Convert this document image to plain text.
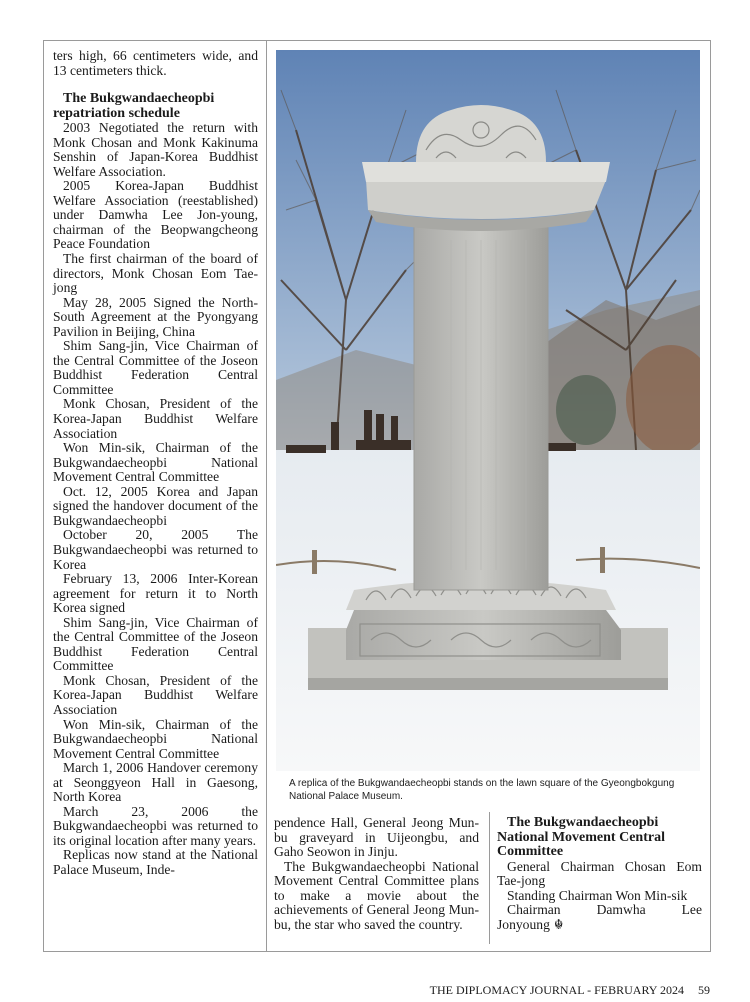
ters high, 66 centimeters wide, and 13 centimeters thick.

The Bukgwandaecheopbi repatriation schedule

2003 Negotiated the return with Monk Chosan and Monk Kakinuma Senshin of Japan-Korea Buddhist Welfare Association.

2005 Korea-Japan Buddhist Welfare Association (reestablished) under Damwha Lee Jon-young, chairman of the Beopwangcheong Peace Foundation

The first chairman of the board of directors, Monk Chosan Eom Tae-jong

May 28, 2005 Signed the North-South Agreement at the Pyongyang Pavilion in Beijing, China

Shim Sang-jin, Vice Chairman of the Central Committee of the Joseon Buddhist Federation Central Committee

Monk Chosan, President of the Korea-Japan Buddhist Welfare Association

Won Min-sik, Chairman of the Bukgwandaecheopbi National Movement Central Committee

Oct. 12, 2005 Korea and Japan signed the handover document of the Bukgwandaecheopbi

October 20, 2005 The Bukgwandaecheopbi was returned to Korea

February 13, 2006 Inter-Korean agreement for return it to North Korea signed

Shim Sang-jin, Vice Chairman of the Central Committee of the Joseon Buddhist Federation Central Committee

Monk Chosan, President of the Korea-Japan Buddhist Welfare Association

Won Min-sik, Chairman of the Bukgwandaecheopbi National Movement Central Committee

March 1, 2006 Handover ceremony at Seonggyeon Hall in Gaesong, North Korea

March 23, 2006 the Bukgwandaecheopbi was returned to its original location after many years.

Replicas now stand at the National Palace Museum, Inde-

A replica of the Bukgwandaecheopbi stands on the lawn square of the Gyeongbokgung National Palace Museum.

pendence Hall, General Jeong Mun-bu graveyard in Uijeongbu, and Gaho Seowon in Jinju.

The Bukgwandaecheopbi National Movement Central Committee plans to make a movie about the achievements of General Jeong Mun-bu, the star who saved the country.

The Bukgwandaecheopbi National Movement Central Committee

General Chairman Chosan Eom Tae-jong

Standing Chairman Won Min-sik

Chairman Damwha Lee Jonyoung ☬

THE DIPLOMACY JOURNAL - FEBRUARY 2024 59
